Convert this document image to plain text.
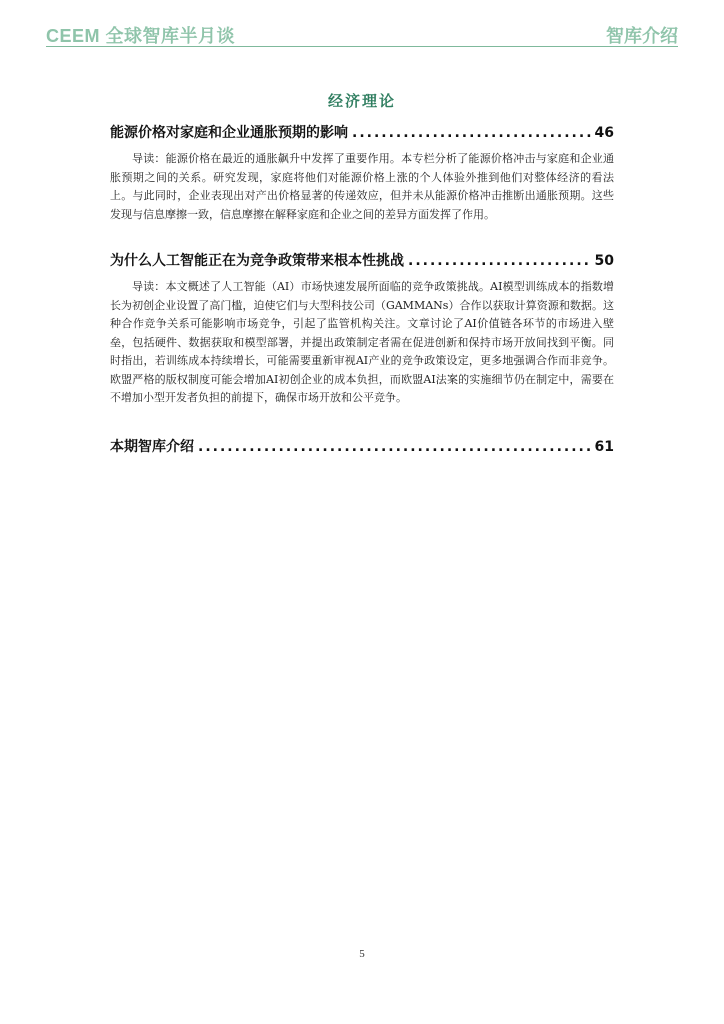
CEEM 全球智库半月谈	智库介绍
经济理论
能源价格对家庭和企业通胀预期的影响 .....	46
导读：能源价格在最近的通胀飙升中发挥了重要作用。本专栏分析了能源价格冲击与家庭和企业通胀预期之间的关系。研究发现，家庭将他们对能源价格上涨的个人体验外推到他们对整体经济的看法上。与此同时，企业表现出对产出价格显著的传递效应，但并未从能源价格冲击推断出通胀预期。这些发现与信息摩擦一致，信息摩擦在解释家庭和企业之间的差异方面发挥了作用。
为什么人工智能正在为竞争政策带来根本性挑战 .....	50
导读：本文概述了人工智能（AI）市场快速发展所面临的竞争政策挑战。AI模型训练成本的指数增长为初创企业设置了高门槛，迫使它们与大型科技公司（GAMMANs）合作以获取计算资源和数据。这种合作竞争关系可能影响市场竞争，引起了监管机构关注。文章讨论了AI价值链各环节的市场进入壁垒，包括硬件、数据获取和模型部署，并提出政策制定者需在促进创新和保持市场开放间找到平衡。同时指出，若训练成本持续增长，可能需要重新审视AI产业的竞争政策设定，更多地强调合作而非竞争。欧盟严格的版权制度可能会增加AI初创企业的成本负担，而欧盟AI法案的实施细节仍在制定中，需要在不增加小型开发者负担的前提下，确保市场开放和公平竞争。
本期智库介绍 .....	61
5
